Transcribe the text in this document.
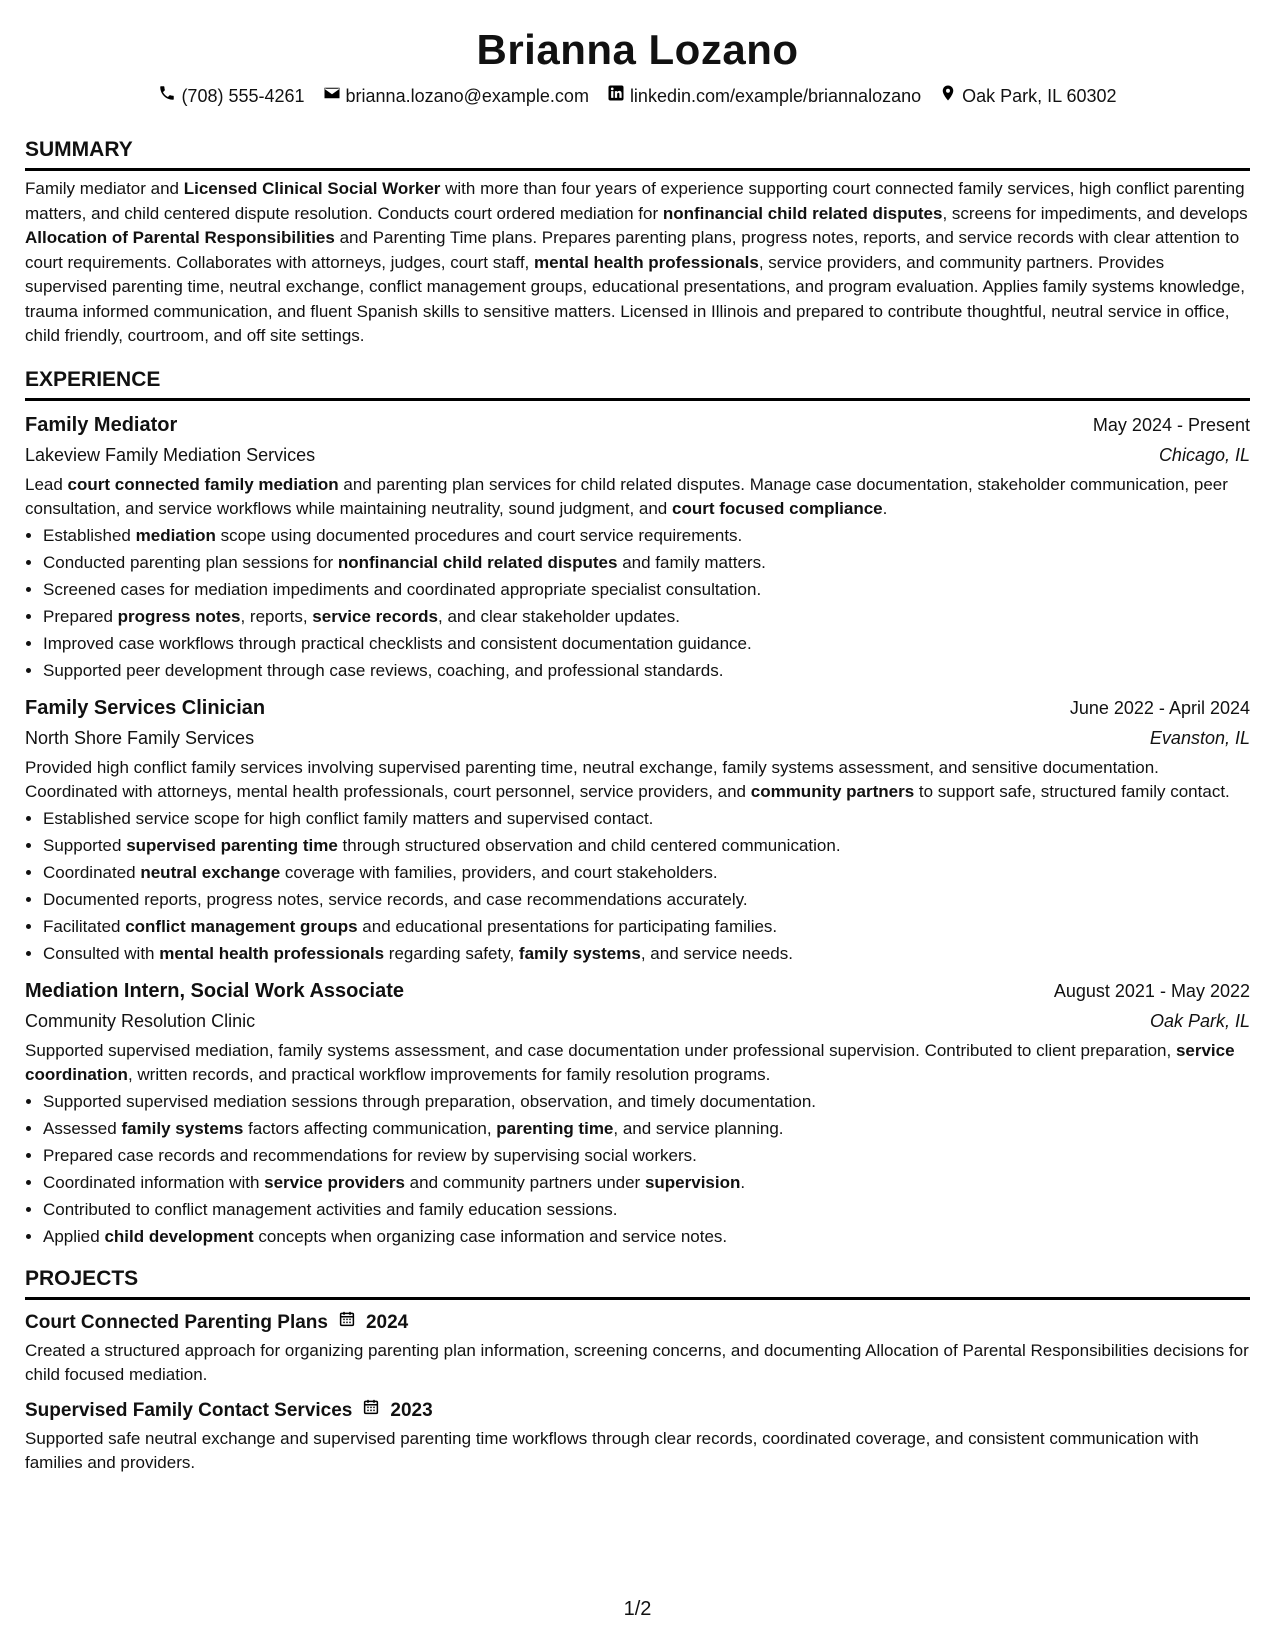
Brianna Lozano
(708) 555-4261 brianna.lozano@example.com linkedin.com/example/briannalozano Oak Park, IL 60302
SUMMARY
Family mediator and Licensed Clinical Social Worker with more than four years of experience supporting court connected family services, high conflict parenting matters, and child centered dispute resolution. Conducts court ordered mediation for nonfinancial child related disputes, screens for impediments, and develops Allocation of Parental Responsibilities and Parenting Time plans. Prepares parenting plans, progress notes, reports, and service records with clear attention to court requirements. Collaborates with attorneys, judges, court staff, mental health professionals, service providers, and community partners. Provides supervised parenting time, neutral exchange, conflict management groups, educational presentations, and program evaluation. Applies family systems knowledge, trauma informed communication, and fluent Spanish skills to sensitive matters. Licensed in Illinois and prepared to contribute thoughtful, neutral service in office, child friendly, courtroom, and off site settings.
EXPERIENCE
Family Mediator	May 2024 - Present
Lakeview Family Mediation Services	Chicago, IL
Lead court connected family mediation and parenting plan services for child related disputes. Manage case documentation, stakeholder communication, peer consultation, and service workflows while maintaining neutrality, sound judgment, and court focused compliance.
• Established mediation scope using documented procedures and court service requirements.
• Conducted parenting plan sessions for nonfinancial child related disputes and family matters.
• Screened cases for mediation impediments and coordinated appropriate specialist consultation.
• Prepared progress notes, reports, service records, and clear stakeholder updates.
• Improved case workflows through practical checklists and consistent documentation guidance.
• Supported peer development through case reviews, coaching, and professional standards.
Family Services Clinician	June 2022 - April 2024
North Shore Family Services	Evanston, IL
Provided high conflict family services involving supervised parenting time, neutral exchange, family systems assessment, and sensitive documentation. Coordinated with attorneys, mental health professionals, court personnel, service providers, and community partners to support safe, structured family contact.
• Established service scope for high conflict family matters and supervised contact.
• Supported supervised parenting time through structured observation and child centered communication.
• Coordinated neutral exchange coverage with families, providers, and court stakeholders.
• Documented reports, progress notes, service records, and case recommendations accurately.
• Facilitated conflict management groups and educational presentations for participating families.
• Consulted with mental health professionals regarding safety, family systems, and service needs.
Mediation Intern, Social Work Associate	August 2021 - May 2022
Community Resolution Clinic	Oak Park, IL
Supported supervised mediation, family systems assessment, and case documentation under professional supervision. Contributed to client preparation, service coordination, written records, and practical workflow improvements for family resolution programs.
• Supported supervised mediation sessions through preparation, observation, and timely documentation.
• Assessed family systems factors affecting communication, parenting time, and service planning.
• Prepared case records and recommendations for review by supervising social workers.
• Coordinated information with service providers and community partners under supervision.
• Contributed to conflict management activities and family education sessions.
• Applied child development concepts when organizing case information and service notes.
PROJECTS
Court Connected Parenting Plans 2024
Created a structured approach for organizing parenting plan information, screening concerns, and documenting Allocation of Parental Responsibilities decisions for child focused mediation.
Supervised Family Contact Services 2023
Supported safe neutral exchange and supervised parenting time workflows through clear records, coordinated coverage, and consistent communication with families and providers.
1/2
